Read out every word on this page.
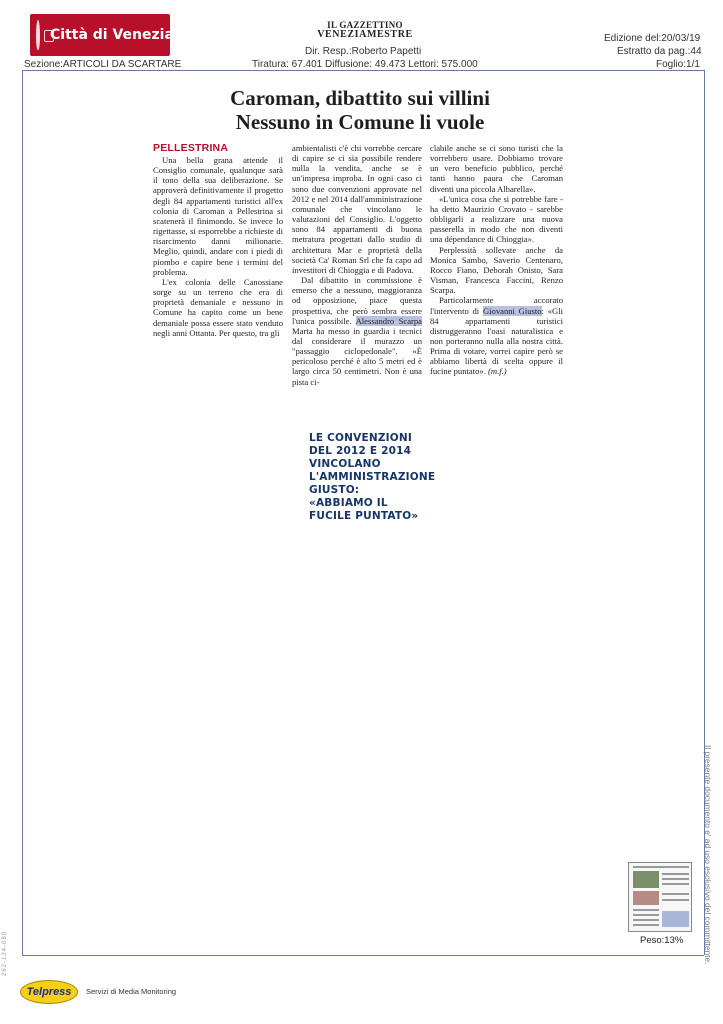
Città di Venezia
IL GAZZETTINO
VENEZIAMESTRE
Dir. Resp.:Roberto Papetti
Tiratura: 67.401 Diffusione: 49.473 Lettori: 575.000
Sezione:ARTICOLI DA SCARTARE
Edizione del:20/03/19
Estratto da pag.:44
Foglio:1/1
Caroman, dibattito sui villini
Nessuno in Comune li vuole
PELLESTRINA

Una bella grana attende il Consiglio comunale, qualunque sarà il tono della sua deliberazione. Se approverà definitivamente il progetto degli 84 appartamenti turistici all'ex colonia di Caroman a Pellestrina si scatenerà il finimondo. Se invece lo rigettasse, si esporrebbe a richieste di risarcimento danni milionarie. Meglio, quindi, andare con i piedi di piombo e capire bene i termini del problema.

L'ex colonia delle Canossiane sorge su un terreno che era di proprietà demaniale e nessuno in Comune ha capito come un bene demaniale possa essere stato venduto negli anni Ottanta. Per questo, tra gli

ambientalisti c'è chi vorrebbe cercare di capire se ci sia possibile rendere nulla la vendita, anche se è un'impresa improba. In ogni caso ci sono due convenzioni approvate nel 2012 e nel 2014 dall'amministrazione comunale che vincolano le valutazioni del Consiglio. L'oggetto sono 84 appartamenti di buona metratura progettati dallo studio di architettura Mar e proprietà della società Ca' Roman Srl che fa capo ad investitori di Chioggia e di Padova.

Dal dibattito in commissione è emerso che a nessuno, maggioranza od opposizione, piace questa prospettiva, che però sembra essere l'unica possibile. Alessandro Scarpa Marta ha messo in guardia i tecnici dal considerare il murazzo un "passaggio ciclopedonale". «È pericoloso perché è alto 5 metri ed è largo circa 50 centimetri. Non è una pista ci-

clabile anche se ci sono turisti che la vorrebbero usare. Dobbiamo trovare un vero beneficio pubblico, perché tanti hanno paura che Caroman diventi una piccola Albarella».

«L'unica cosa che si potrebbe fare - ha detto Maurizio Crovato - sarebbe obbligarli a realizzare una nuova passerella in modo che non diventi una dépendance di Chioggia».

Perplessità sollevate anche da Monica Sambo, Saverio Centenaro, Rocco Fiano, Deborah Onisto, Sara Visman, Francesca Faccini, Renzo Scarpa.

Particolarmente accorato l'intervento di Giovanni Giusto: «Gli 84 appartamenti turistici distruggeranno l'oasi naturalistica e non porteranno nulla alla nostra città. Prima di votare, vorrei capire però se abbiamo libertà di scelta oppure il fucine puntato». (m.f.)

LE CONVENZIONI DEL 2012 E 2014 VINCOLANO L'AMMINISTRAZIONE GIUSTO: «ABBIAMO IL FUCILE PUNTATO»
Il presente documento e' ad uso esclusivo del committente.
262-124-080	Peso:13%
Telpress	Servizi di Media Monitoring
